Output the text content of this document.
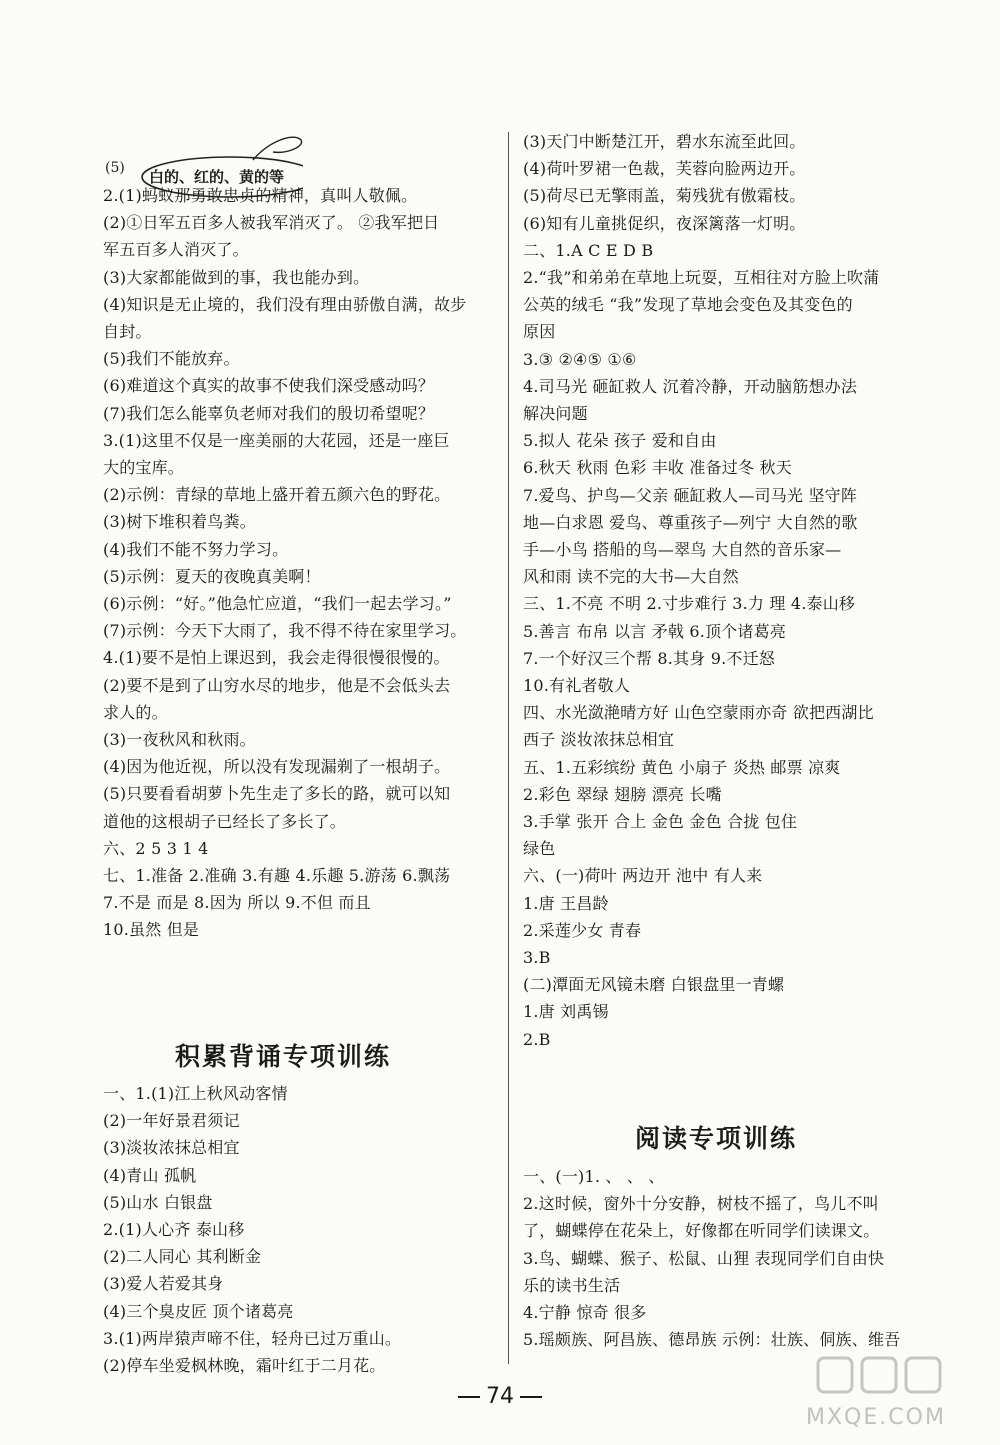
(5) 白的、红的、黄的等
2.(1)蚂蚁那勇敢忠贞的精神，真叫人敬佩。
(2)①日军五百多人被我军消灭了。 ②我军把日
军五百多人消灭了。
(3)大家都能做到的事，我也能办到。
(4)知识是无止境的，我们没有理由骄傲自满，故步
自封。
(5)我们不能放弃。
(6)难道这个真实的故事不使我们深受感动吗？
(7)我们怎么能辜负老师对我们的殷切希望呢？
3.(1)这里不仅是一座美丽的大花园，还是一座巨
大的宝库。
(2)示例：青绿的草地上盛开着五颜六色的野花。
(3)树下堆积着鸟粪。
(4)我们不能不努力学习。
(5)示例：夏天的夜晚真美啊！
(6)示例：“好。”他急忙应道，“我们一起去学习。”
(7)示例：今天下大雨了，我不得不待在家里学习。
4.(1)要不是怕上课迟到，我会走得很慢很慢的。
(2)要不是到了山穷水尽的地步，他是不会低头去
求人的。
(3)一夜秋风和秋雨。
(4)因为他近视，所以没有发现漏剃了一根胡子。
(5)只要看看胡萝卜先生走了多长的路，就可以知
道他的这根胡子已经长了多长了。
六、2 5 3 1 4
七、1.准备 2.准确 3.有趣 4.乐趣 5.游荡 6.飘荡
7.不是 而是 8.因为 所以 9.不但 而且
10.虽然 但是
积累背诵专项训练
一、1.(1)江上秋风动客情
(2)一年好景君须记
(3)淡妆浓抹总相宜
(4)青山 孤帆
(5)山水 白银盘
2.(1)人心齐 泰山移
(2)二人同心 其利断金
(3)爱人若爱其身
(4)三个臭皮匠 顶个诸葛亮
3.(1)两岸猿声啼不住，轻舟已过万重山。
(2)停车坐爱枫林晚，霜叶红于二月花。
(3)天门中断楚江开，碧水东流至此回。
(4)荷叶罗裙一色裁，芙蓉向脸两边开。
(5)荷尽已无擎雨盖，菊残犹有傲霜枝。
(6)知有儿童挑促织，夜深篱落一灯明。
二、1.A C E D B
2.“我”和弟弟在草地上玩耍，互相往对方脸上吹蒲
公英的绒毛 “我”发现了草地会变色及其变色的
原因
3.③ ②④⑤ ①⑥
4.司马光 砸缸救人 沉着冷静，开动脑筋想办法
解决问题
5.拟人 花朵 孩子 爱和自由
6.秋天 秋雨 色彩 丰收 准备过冬 秋天
7.爱鸟、护鸟—父亲 砸缸救人—司马光 坚守阵
地—白求恩 爱鸟、尊重孩子—列宁 大自然的歌
手—小鸟 搭船的鸟—翠鸟 大自然的音乐家—
风和雨 读不完的大书—大自然
三、1.不亮 不明 2.寸步难行 3.力 理 4.泰山移
5.善言 布帛 以言 矛戟 6.顶个诸葛亮
7.一个好汉三个帮 8.其身 9.不迁怒
10.有礼者敬人
四、水光潋滟晴方好 山色空蒙雨亦奇 欲把西湖比
西子 淡妆浓抹总相宜
五、1.五彩缤纷 黄色 小扇子 炎热 邮票 凉爽
2.彩色 翠绿 翅膀 漂亮 长嘴
3.手掌 张开 合上 金色 金色 合拢 包住
绿色
六、(一)荷叶 两边开 池中 有人来
1.唐 王昌龄
2.采莲少女 青春
3.B
(二)潭面无风镜未磨 白银盘里一青螺
1.唐 刘禹锡
2.B
阅读专项训练
一、(一)1. 、 、 、
2.这时候，窗外十分安静，树枝不摇了，鸟儿不叫
了，蝴蝶停在花朵上，好像都在听同学们读课文。
3.鸟、蝴蝶、猴子、松鼠、山狸 表现同学们自由快
乐的读书生活
4.宁静 惊奇 很多
5.瑶颇族、阿昌族、德昂族 示例：壮族、侗族、维吾
74
MXQE.COM
